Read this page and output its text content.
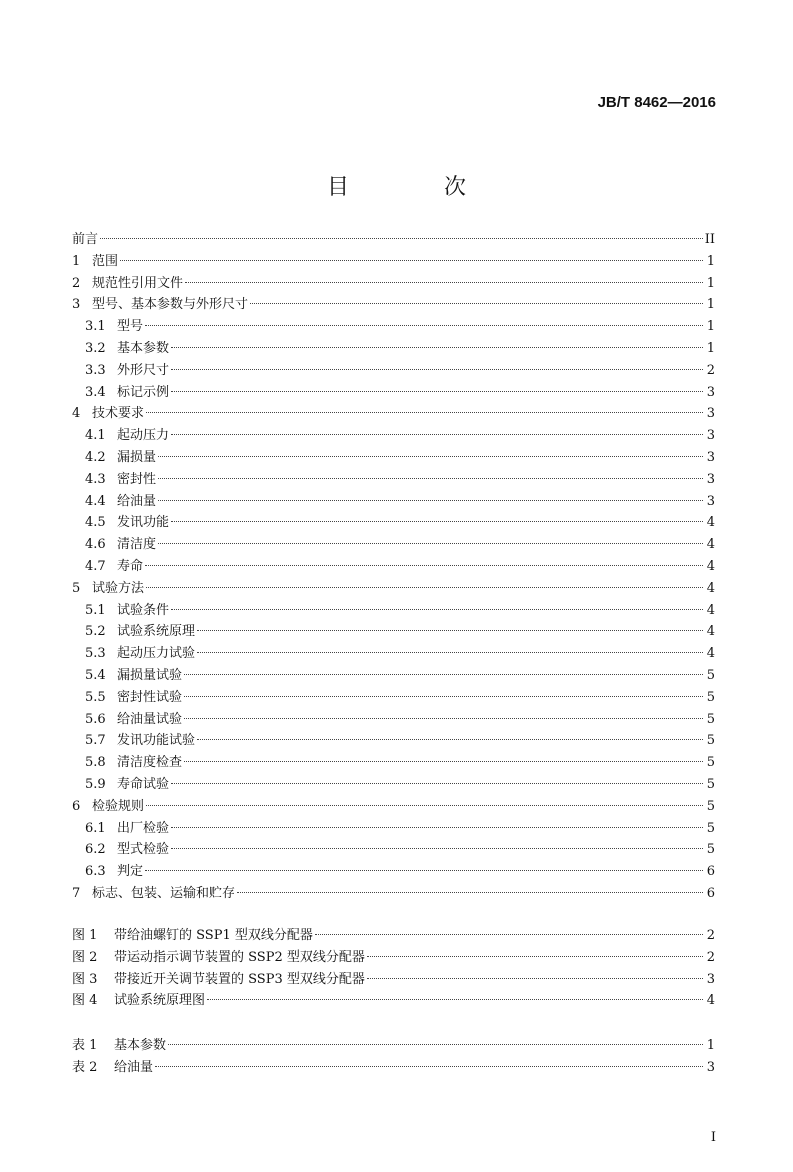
JB/T 8462—2016
目 次
前言	II
1 范围	1
2 规范性引用文件	1
3 型号、基本参数与外形尺寸	1
3.1 型号	1
3.2 基本参数	1
3.3 外形尺寸	2
3.4 标记示例	3
4 技术要求	3
4.1 起动压力	3
4.2 漏损量	3
4.3 密封性	3
4.4 给油量	3
4.5 发讯功能	4
4.6 清洁度	4
4.7 寿命	4
5 试验方法	4
5.1 试验条件	4
5.2 试验系统原理	4
5.3 起动压力试验	4
5.4 漏损量试验	5
5.5 密封性试验	5
5.6 给油量试验	5
5.7 发讯功能试验	5
5.8 清洁度检查	5
5.9 寿命试验	5
6 检验规则	5
6.1 出厂检验	5
6.2 型式检验	5
6.3 判定	6
7 标志、包装、运输和贮存	6
图 1	带给油螺钉的 SSP1 型双线分配器	2
图 2	带运动指示调节装置的 SSP2 型双线分配器	2
图 3	带接近开关调节装置的 SSP3 型双线分配器	3
图 4	试验系统原理图	4
表 1	基本参数	1
表 2	给油量	3
I
